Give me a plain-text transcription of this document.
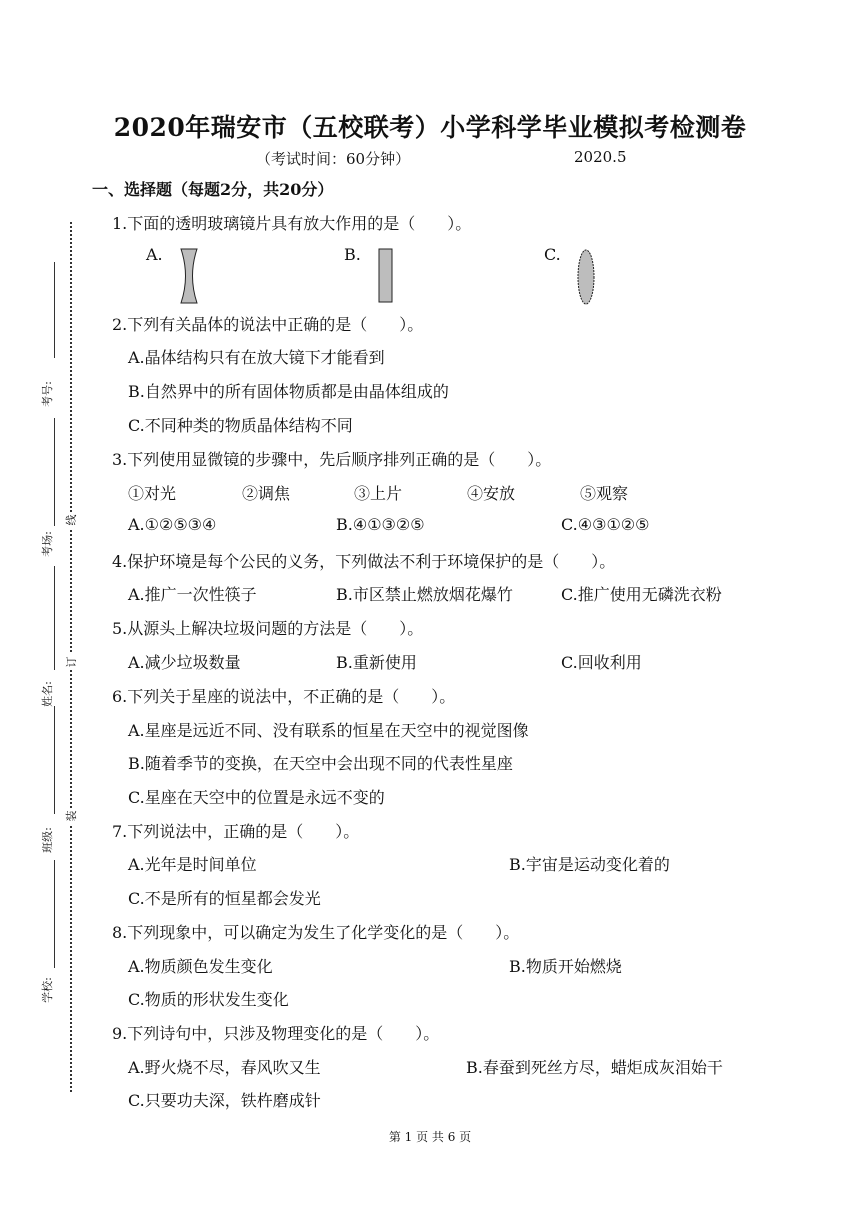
考号:
考场:
姓名:
班级:
学校:
线
订
装
2020年瑞安市（五校联考）小学科学毕业模拟考检测卷
（考试时间：60分钟）	2020.5
一、选择题（每题2分，共20分）
1.下面的透明玻璃镜片具有放大作用的是（　　）。
A.	B.	C.
2.下列有关晶体的说法中正确的是（　　）。
A.晶体结构只有在放大镜下才能看到
B.自然界中的所有固体物质都是由晶体组成的
C.不同种类的物质晶体结构不同
3.下列使用显微镜的步骤中，先后顺序排列正确的是（　　）。
①对光	②调焦	③上片	④安放	⑤观察
A.①②⑤③④	B.④①③②⑤	C.④③①②⑤
4.保护环境是每个公民的义务，下列做法不利于环境保护的是（　　）。
A.推广一次性筷子	B.市区禁止燃放烟花爆竹	C.推广使用无磷洗衣粉
5.从源头上解决垃圾问题的方法是（　　）。
A.减少垃圾数量	B.重新使用	C.回收利用
6.下列关于星座的说法中，不正确的是（　　）。
A.星座是远近不同、没有联系的恒星在天空中的视觉图像
B.随着季节的变换，在天空中会出现不同的代表性星座
C.星座在天空中的位置是永远不变的
7.下列说法中，正确的是（　　）。
A.光年是时间单位	B.宇宙是运动变化着的
C.不是所有的恒星都会发光
8.下列现象中，可以确定为发生了化学变化的是（　　）。
A.物质颜色发生变化	B.物质开始燃烧
C.物质的形状发生变化
9.下列诗句中，只涉及物理变化的是（　　）。
A.野火烧不尽，春风吹又生	B.春蚕到死丝方尽，蜡炬成灰泪始干
C.只要功夫深，铁杵磨成针
第 1 页 共 6 页
